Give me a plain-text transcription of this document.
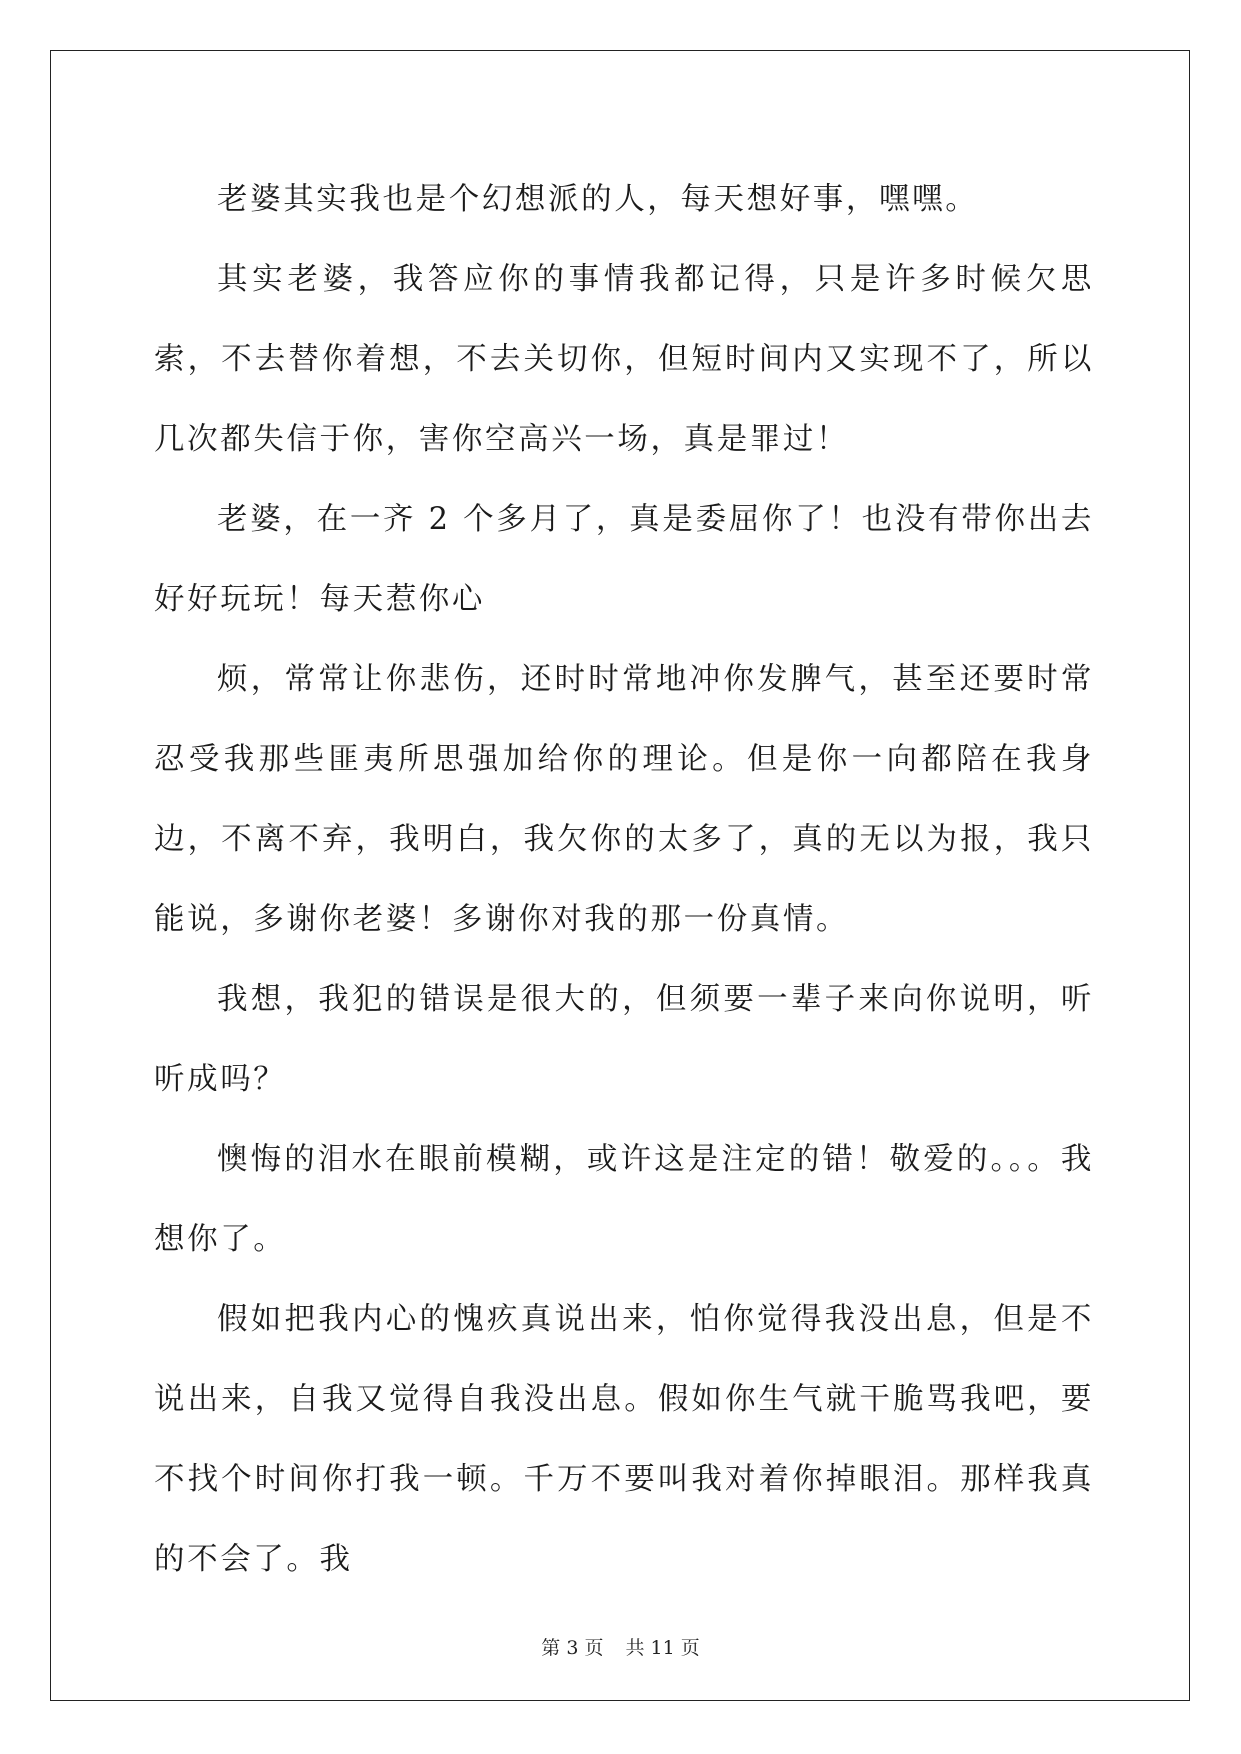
老婆其实我也是个幻想派的人，每天想好事，嘿嘿。

其实老婆，我答应你的事情我都记得，只是许多时候欠思索，不去替你着想，不去关切你，但短时间内又实现不了，所以几次都失信于你，害你空高兴一场，真是罪过！

老婆，在一齐 2 个多月了，真是委屈你了！也没有带你出去好好玩玩！每天惹你心

烦，常常让你悲伤，还时时常地冲你发脾气，甚至还要时常忍受我那些匪夷所思强加给你的理论。但是你一向都陪在我身边，不离不弃，我明白，我欠你的太多了，真的无以为报，我只能说，多谢你老婆！多谢你对我的那一份真情。

我想，我犯的错误是很大的，但须要一辈子来向你说明，听听成吗？

懊悔的泪水在眼前模糊，或许这是注定的错！敬爱的。。。我想你了。

假如把我内心的愧疚真说出来，怕你觉得我没出息，但是不说出来，自我又觉得自我没出息。假如你生气就干脆骂我吧，要不找个时间你打我一顿。千万不要叫我对着你掉眼泪。那样我真的不会了。我

第 3 页 共 11 页
